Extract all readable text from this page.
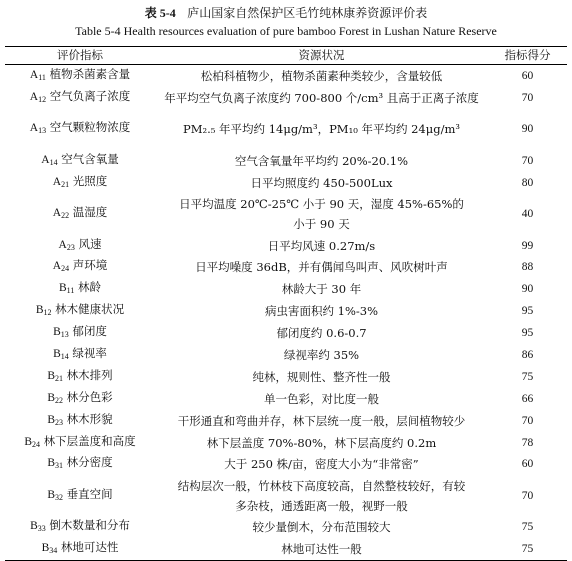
表 5-4 庐山国家自然保护区毛竹纯林康养资源评价表
Table 5-4 Health resources evaluation of pure bamboo Forest in Lushan Nature Reserve
评价指标	资源状况	指标得分
$A_{11}$ 植物杀菌素含量	松柏科植物少，植物杀菌素种类较少，含量较低	60
$A_{12}$ 空气负离子浓度	年平均空气负离子浓度约 700-800 个/cm³ 且高于正离子浓度	70
$A_{13}$ 空气颗粒物浓度	PM₂.₅ 年平均约 14μg/m³，PM₁₀ 年平均约 24μg/m³	90
$A_{14}$ 空气含氧量	空气含氧量年平均约 20%-20.1%	70
$A_{21}$ 光照度	日平均照度约 450-500Lux	80
$A_{22}$ 温湿度	日平均温度 20℃-25℃ 小于 90 天，湿度 45%-65%的小于 90 天	40
$A_{23}$ 风速	日平均风速 0.27m/s	99
$A_{24}$ 声环境	日平均噪度 36dB，并有偶闻鸟叫声、风吹树叶声	88
$B_{11}$ 林龄	林龄大于 30 年	90
$B_{12}$ 林木健康状况	病虫害面积约 1%-3%	95
$B_{13}$ 郁闭度	郁闭度约 0.6-0.7	95
$B_{14}$ 绿视率	绿视率约 35%	86
$B_{21}$ 林木排列	纯林，规则性、整齐性一般	75
$B_{22}$ 林分色彩	单一色彩，对比度一般	66
$B_{23}$ 林木形貌	干形通直和弯曲并存，林下层统一度一般，层间植物较少	70
$B_{24}$ 林下层盖度和高度	林下层盖度 70%-80%，林下层高度约 0.2m	78
$B_{31}$ 林分密度	大于 250 株/亩，密度大小为“非常密”	60
$B_{32}$ 垂直空间	结构层次一般，竹林枝下高度较高，自然整枝较好，有较多杂枝，通透距离一般，视野一般	70
$B_{33}$ 倒木数量和分布	较少量倒木，分布范围较大	75
$B_{34}$ 林地可达性	林地可达性一般	75
